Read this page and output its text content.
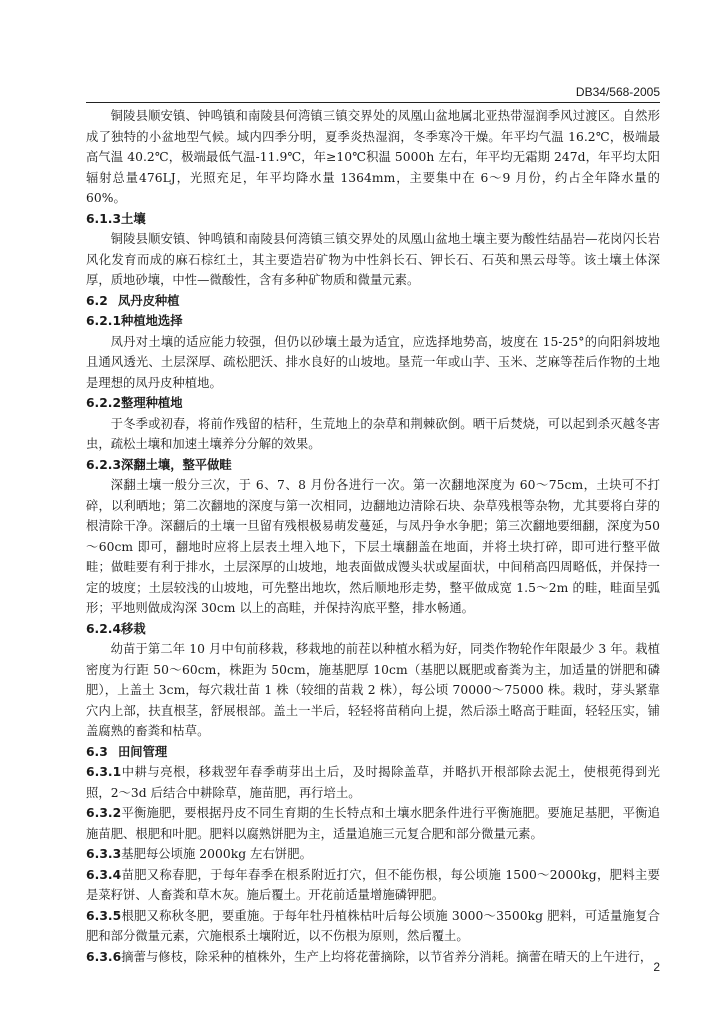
DB34/568-2005

铜陵县顺安镇、钟鸣镇和南陵县何湾镇三镇交界处的凤凰山盆地属北亚热带湿润季风过渡区。自然形成了独特的小盆地型气候。域内四季分明，夏季炎热湿润，冬季寒冷干燥。年平均气温 16.2℃，极端最高气温 40.2℃，极端最低气温-11.9℃，年≥10℃积温 5000h 左右，年平均无霜期 247d，年平均太阳辐射总量476LJ，光照充足，年平均降水量 1364mm，主要集中在 6～9 月份，约占全年降水量的60%。

6.1.3土壤

铜陵县顺安镇、钟鸣镇和南陵县何湾镇三镇交界处的凤凰山盆地土壤主要为酸性结晶岩—花岗闪长岩风化发育而成的麻石棕红土，其主要造岩矿物为中性斜长石、钾长石、石英和黑云母等。该土壤土体深厚，质地砂壤，中性—微酸性，含有多种矿物质和微量元素。

6.2 凤丹皮种植
6.2.1种植地选择

凤丹对土壤的适应能力较强，但仍以砂壤土最为适宜，应选择地势高，坡度在 15-25°的向阳斜坡地且通风透光、土层深厚、疏松肥沃、排水良好的山坡地。垦荒一年或山芋、玉米、芝麻等茬后作物的土地是理想的凤丹皮种植地。

6.2.2整理种植地

于冬季或初春，将前作残留的桔秆，生荒地上的杂草和荆棘砍倒。晒干后焚烧，可以起到杀灭越冬害虫，疏松土壤和加速土壤养分分解的效果。

6.2.3深翻土壤，整平做畦

深翻土壤一般分三次，于 6、7、8 月份各进行一次。第一次翻地深度为 60～75cm，土块可不打碎，以利晒地；第二次翻地的深度与第一次相同，边翻地边清除石块、杂草残根等杂物，尤其要将白芽的根清除干净。深翻后的土壤一旦留有残根极易萌发蔓延，与凤丹争水争肥；第三次翻地要细翻，深度为50～60cm 即可，翻地时应将上层表土埋入地下，下层土壤翻盖在地面，并将土块打碎，即可进行整平做畦；做畦要有利于排水，土层深厚的山坡地，地表面做成馒头状或屋面状，中间稍高四周略低，并保持一定的坡度；土层较浅的山坡地，可先整出地坎，然后顺地形走势，整平做成宽 1.5～2m 的畦，畦面呈弧形；平地则做成沟深 30cm 以上的高畦，并保持沟底平整，排水畅通。

6.2.4移栽

幼苗于第二年 10 月中旬前移栽，移栽地的前茬以种植水稻为好，同类作物轮作年限最少 3 年。栽植密度为行距 50～60cm，株距为 50cm，施基肥厚 10cm（基肥以厩肥或畜粪为主，加适量的饼肥和磷肥），上盖土 3cm，每穴栽壮苗 1 株（较细的苗栽 2 株），每公顷 70000～75000 株。栽时，芽头紧靠穴内上部，扶直根茎，舒展根部。盖土一半后，轻轻将苗稍向上提，然后添土略高于畦面，轻轻压实，铺盖腐熟的畜粪和枯草。

6.3 田间管理

6.3.1中耕与亮根，移栽翌年春季萌芽出土后，及时揭除盖草，并略扒开根部除去泥土，使根蔸得到光照，2～3d 后结合中耕除草，施苗肥，再行培土。

6.3.2平衡施肥，要根据丹皮不同生育期的生长特点和土壤水肥条件进行平衡施肥。要施足基肥，平衡追施苗肥、根肥和叶肥。肥料以腐熟饼肥为主，适量追施三元复合肥和部分微量元素。

6.3.3基肥每公顷施 2000kg 左右饼肥。

6.3.4苗肥又称春肥，于每年春季在根系附近打穴，但不能伤根，每公顷施 1500～2000kg，肥料主要是菜籽饼、人畜粪和草木灰。施后覆土。开花前适量增施磷钾肥。

6.3.5根肥又称秋冬肥，要重施。于每年牡丹植株枯叶后每公顷施 3000～3500kg 肥料，可适量施复合肥和部分微量元素，穴施根系土壤附近，以不伤根为原则，然后覆土。

6.3.6摘蕾与修枝，除采种的植株外，生产上均将花蕾摘除，以节省养分消耗。摘蕾在晴天的上午进行，

2
